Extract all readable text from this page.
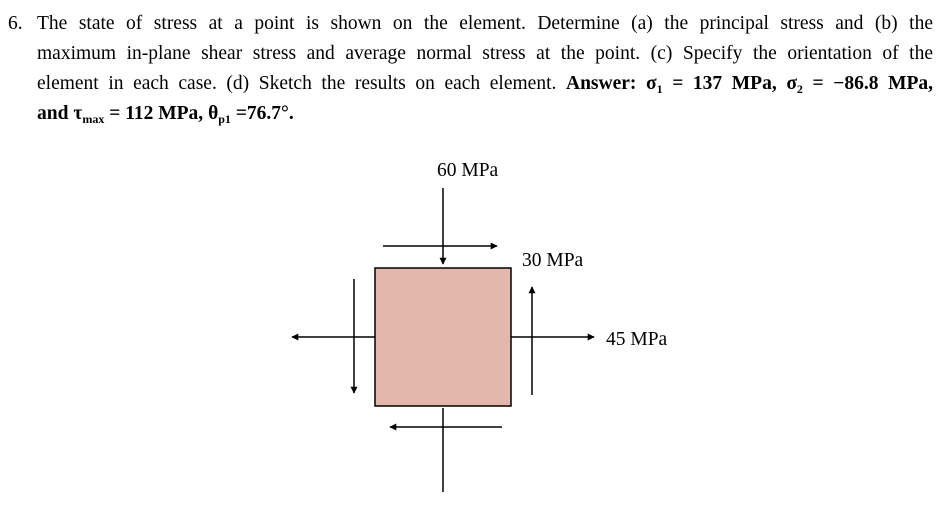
6. The state of stress at a point is shown on the element. Determine (a) the principal stress and (b) the
maximum in-plane shear stress and average normal stress at the point. (c) Specify the orientation of the
element in each case. (d) Sketch the results on each element. Answer: $\sigma_1 = 137$ MPa, $\sigma_2 = -86.8$ MPa,
and $\tau_{max} = 112$ MPa, $\theta_{p1} =76.7^\circ$.
60 MPa
30 MPa
45 MPa
